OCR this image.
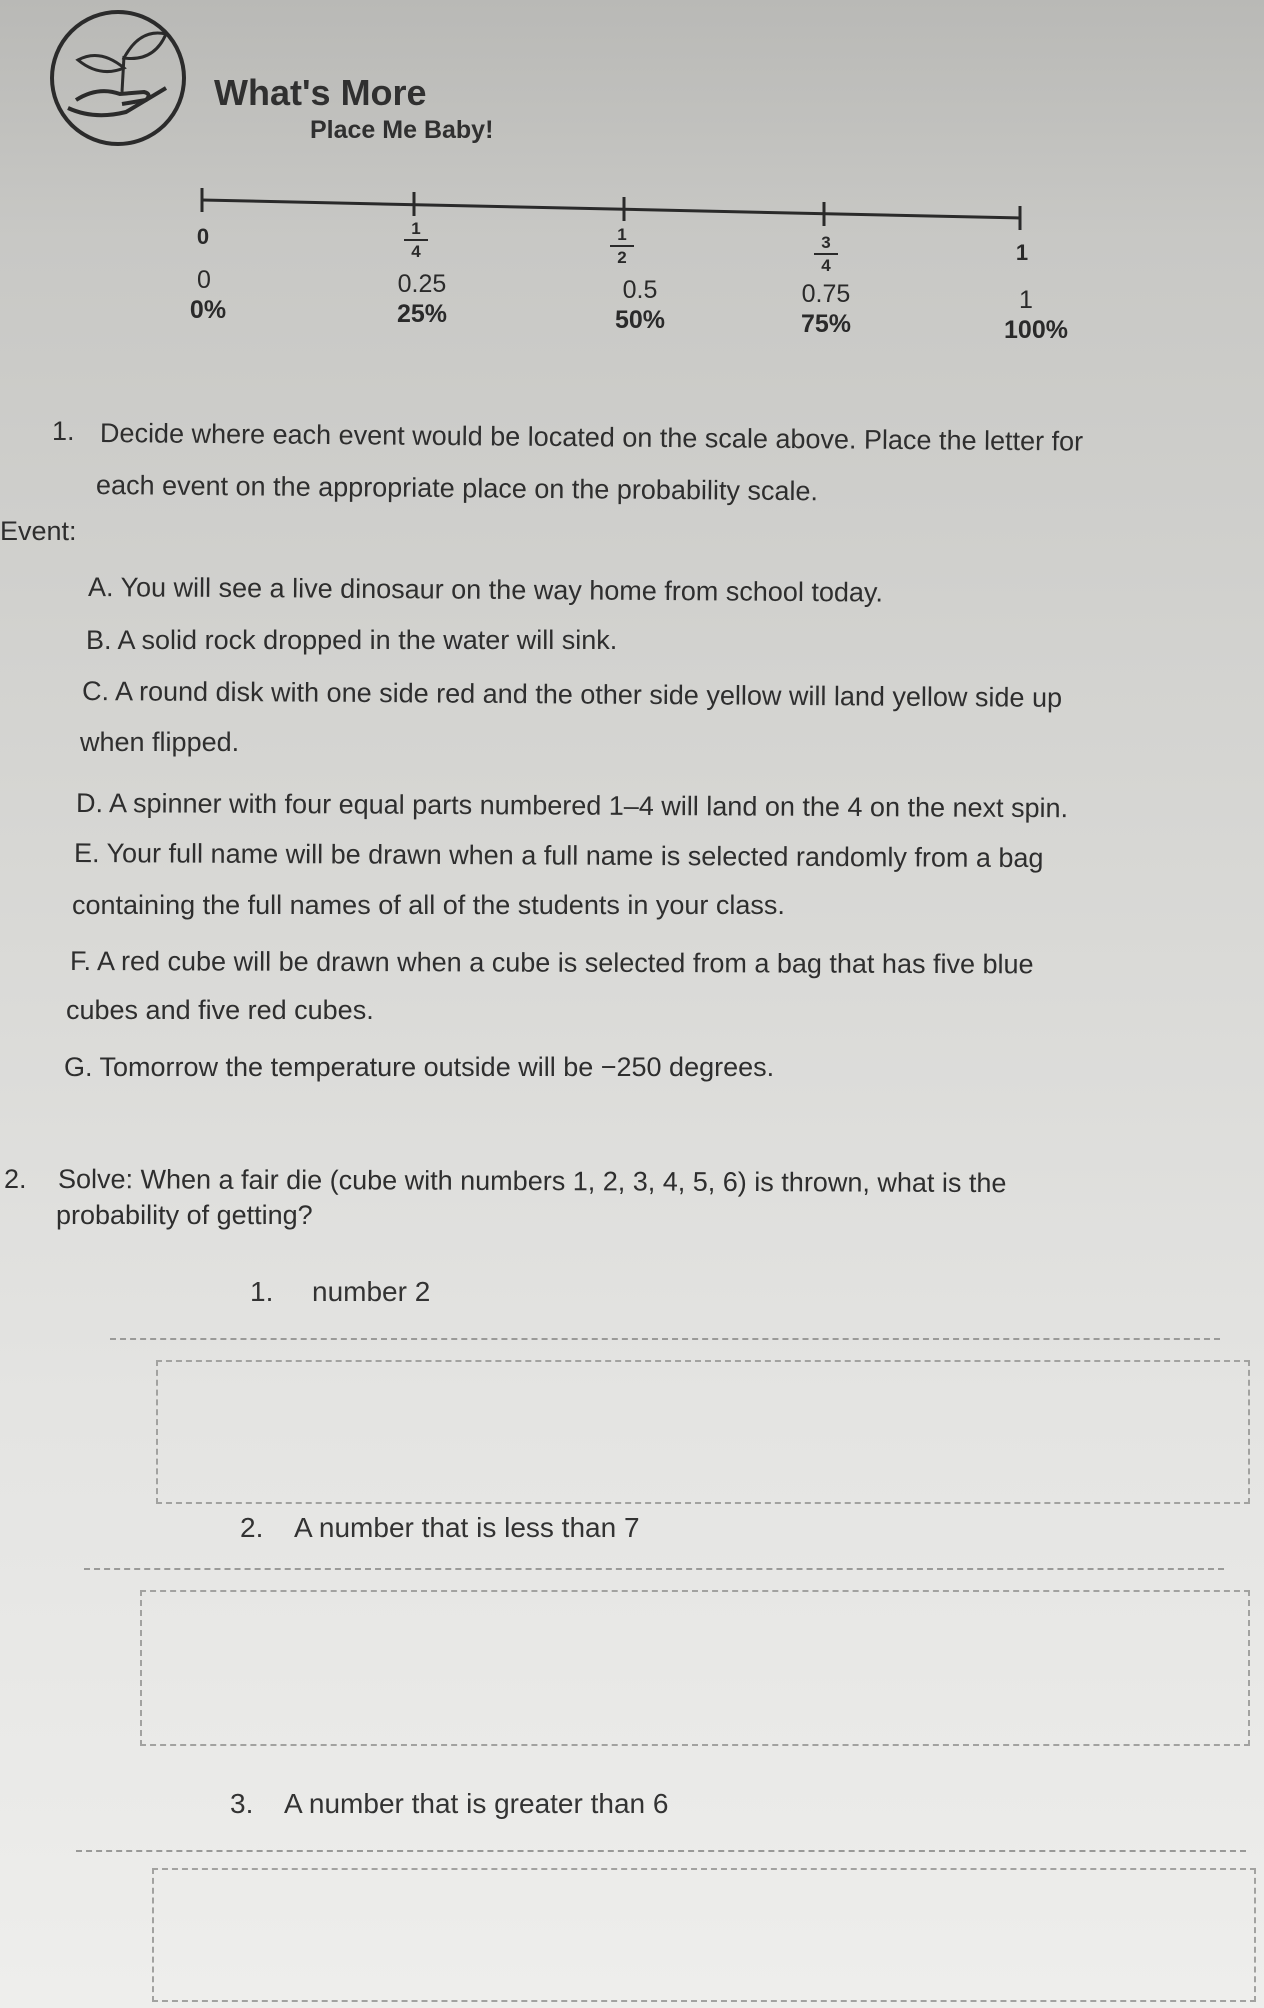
What's More
Place Me Baby!
0
1
1
4
1
2
3
4
0
0%
0.25
25%
0.5
50%
0.75
75%
1
100%
1. Decide where each event would be located on the scale above. Place the letter for
each event on the appropriate place on the probability scale.
Event:
A. You will see a live dinosaur on the way home from school today.
B. A solid rock dropped in the water will sink.
C. A round disk with one side red and the other side yellow will land yellow side up
when flipped.
D. A spinner with four equal parts numbered 1–4 will land on the 4 on the next spin.
E. Your full name will be drawn when a full name is selected randomly from a bag
containing the full names of all of the students in your class.
F. A red cube will be drawn when a cube is selected from a bag that has five blue
cubes and five red cubes.
G. Tomorrow the temperature outside will be −250 degrees.
2. Solve: When a fair die (cube with numbers 1, 2, 3, 4, 5, 6) is thrown, what is the
probability of getting?
1. number 2
2. A number that is less than 7
3. A number that is greater than 6
